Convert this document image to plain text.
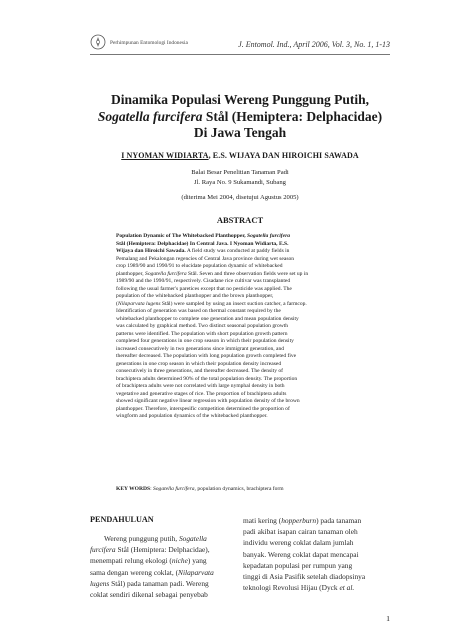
Perhimpunan Entomologi Indonesia	J. Entomol. Ind., April 2006, Vol. 3, No. 1, 1-13
Dinamika Populasi Wereng Punggung Putih,
Sogatella furcifera Stål (Hemiptera: Delphacidae)
Di Jawa Tengah
I NYOMAN WIDIARTA, E.S. WIJAYA DAN HIROICHI SAWADA
Balai Besar Penelitian Tanaman Padi
Jl. Raya No. 9 Sukamandi, Subang
(diterima Mei 2004, disetujui Agustus 2005)
ABSTRACT
Population Dynamic of The Whitebacked Planthopper, Sogatella furcifera
Stål (Hemiptera: Delphacidae) In Central Java. I Nyoman Widiarta, E.S.
Wijaya dan Hiroichi Sawada. A field study was conducted at paddy fields in
Pemalang and Pekalongan regencies of Central Java province during wet season
crop 1989/90 and 1990/91 to elucidate population dynamic of whitebacked
planthopper, Sogatella furcifera Stål. Seven and three observation fields were set up in
1989/90 and the 1990/91, respectively. Cisadane rice cultivar was transplanted
following the usual farmer's paretices except that no pesticide was applied. The
population of the whitebacked planthopper and the brown planthopper,
(Nilaparvata lugens Stål) were sampled by using an insect suction catcher, a farmcop.
Identification of generation was based on thermal constant required by the
whitebacked planthopper to complete one generation and mean population density
was calculated by graphical method. Two distinct seasonal population growth
patterns were identified. The population with short population growth pattern
completed four generations in one crop season in which their population density
increased consecutively in two generations since immigrant generation, and
thereafter decreased. The population with long population growth completed five
generations in one crop season in which their population density increased
consecutively in three generations, and thereafter decreased. The density of
brachiptera adults determined 90% of the total population density. The proportion
of brachiptera adults were not correlated with large nymphal density in both
vegetative and generative stages of rice. The proportion of brachiptera adults
showed significant negative linear regression with population density of the brown
planthopper. Therefore, interspesific competition determined the proportion of
wingform and population dynamics of the whitebacked planthopper.
KEY WORDS: Sogatella furcifera, population dynamics, brachiptera form
PENDAHULUAN
Wereng punggung putih, Sogatella
furcifera Stål (Hemiptera: Delphacidae),
menempati relung ekologi (niche) yang
sama dengan wereng coklat, (Nilaparvata
lugens Stål) pada tanaman padi. Wereng
coklat sendiri dikenal sebagai penyebab
mati kering (hopperburn) pada tanaman
padi akibat isapan cairan tanaman oleh
individu wereng coklat dalam jumlah
banyak. Wereng coklat dapat mencapai
kepadatan populasi per rumpun yang
tinggi di Asia Pasifik setelah diadopsinya
teknologi Revolusi Hijau (Dyck et al.
1
